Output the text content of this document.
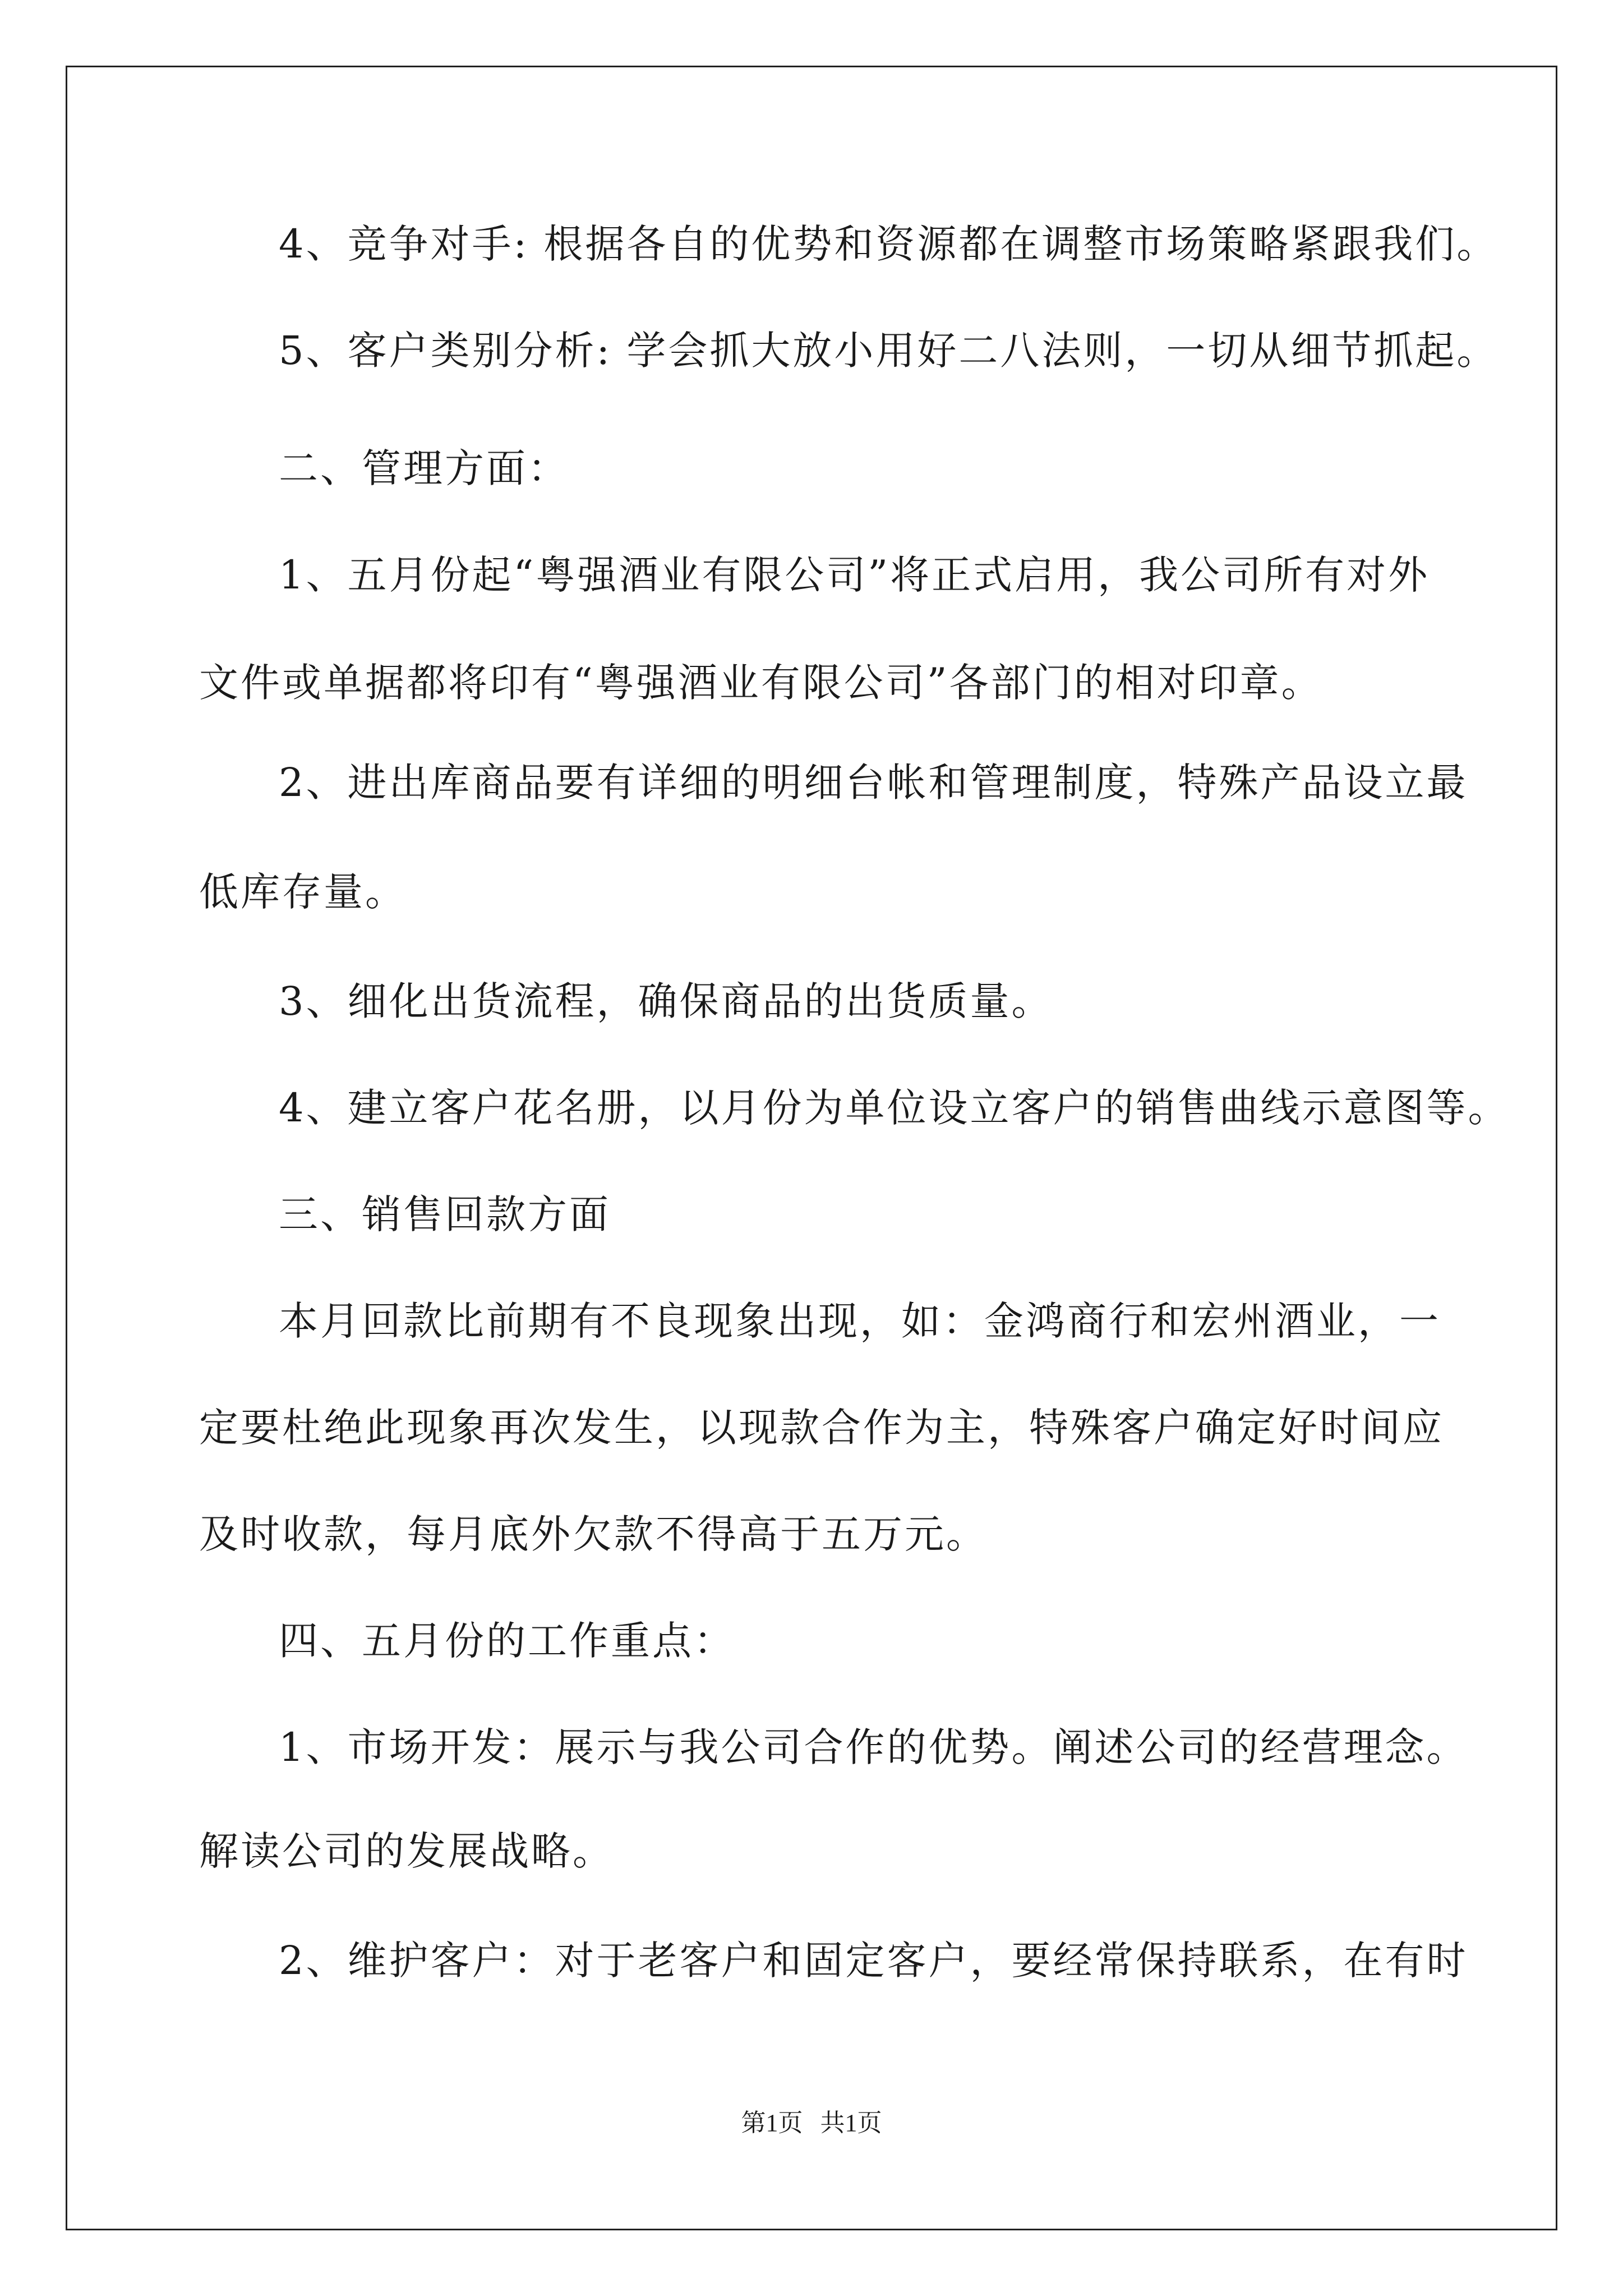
4、竞争对手: 根据各自的优势和资源都在调整市场策略紧跟我们。
5、客户类别分析: 学会抓大放小用好二八法则，一切从细节抓起。
二、管理方面：
1、五月份起“粤强酒业有限公司”将正式启用，我公司所有对外
文件或单据都将印有“粤强酒业有限公司”各部门的相对印章。
2、进出库商品要有详细的明细台帐和管理制度，特殊产品设立最
低库存量。
3、细化出货流程，确保商品的出货质量。
4、建立客户花名册，以月份为单位设立客户的销售曲线示意图等。
三、销售回款方面
本月回款比前期有不良现象出现，如：金鸿商行和宏州酒业，一
定要杜绝此现象再次发生，以现款合作为主，特殊客户确定好时间应
及时收款，每月底外欠款不得高于五万元。
四、五月份的工作重点：
1、市场开发：展示与我公司合作的优势。阐述公司的经营理念。
解读公司的发展战略。
2、维护客户：对于老客户和固定客户，要经常保持联系，在有时
第1页 共1页
